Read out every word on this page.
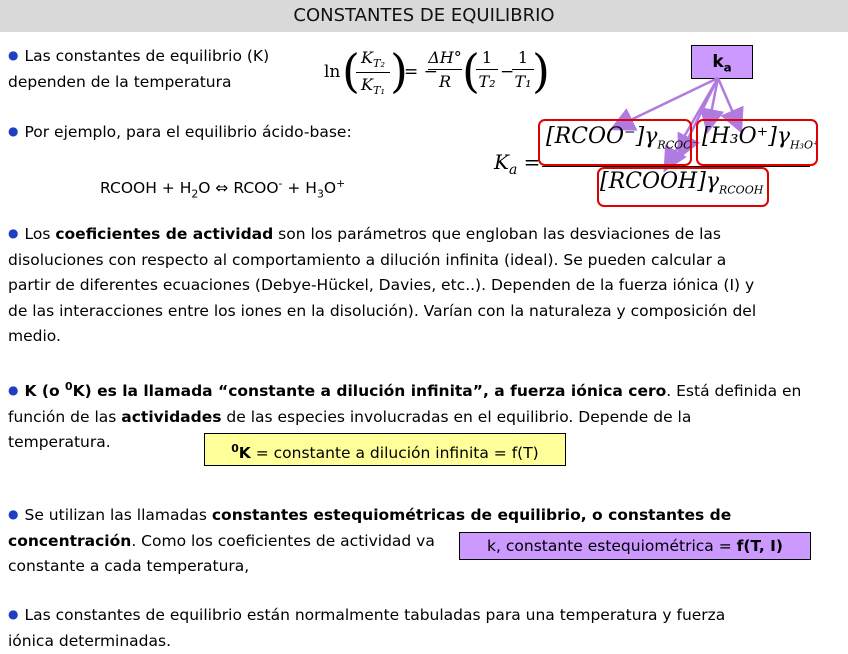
CONSTANTES DE EQUILIBRIO
● Las constantes de equilibrio (K)
dependen de la temperatura	ln ( $K_{T_2}$
$K_{T_1}$ )
= −
ΔH°
R ( 1
T₂ −
1
T₁ )	$k_a$
● Por ejemplo, para el equilibrio ácido-base:
RCOOH + $H_2O$ ⇔ RCOO- + $H_3O^+$
$K_a$ =
$[RCOO^-]\gamma_{RCOO^-}$ $[H_3O^+]\gamma_{H_3O^+}$
$[RCOOH]\gamma_{RCOOH}$
● Los coeficientes de actividad son los parámetros que engloban las desviaciones de las
disoluciones con respecto al comportamiento a dilución infinita (ideal). Se pueden calcular a
partir de diferentes ecuaciones (Debye-Hückel, Davies, etc..). Dependen de la fuerza iónica (I) y
de las interacciones entre los iones en la disolución). Varían con la naturaleza y composición del
medio.
● K (o $^0$K) es la llamada “constante a dilución infinita”, a fuerza iónica cero. Está definida en
función de las actividades de las especies involucradas en el equilibrio. Depende de la
temperatura.	$^0$K = constante a dilución infinita = f(T)
● Se utilizan las llamadas constantes estequiométricas de equilibrio, o constantes de
concentración. Como los coeficientes de actividad va
constante a cada temperatura,
k, constante estequiométrica = f(T, I)
● Las constantes de equilibrio están normalmente tabuladas para una temperatura y fuerza
iónica determinadas.
